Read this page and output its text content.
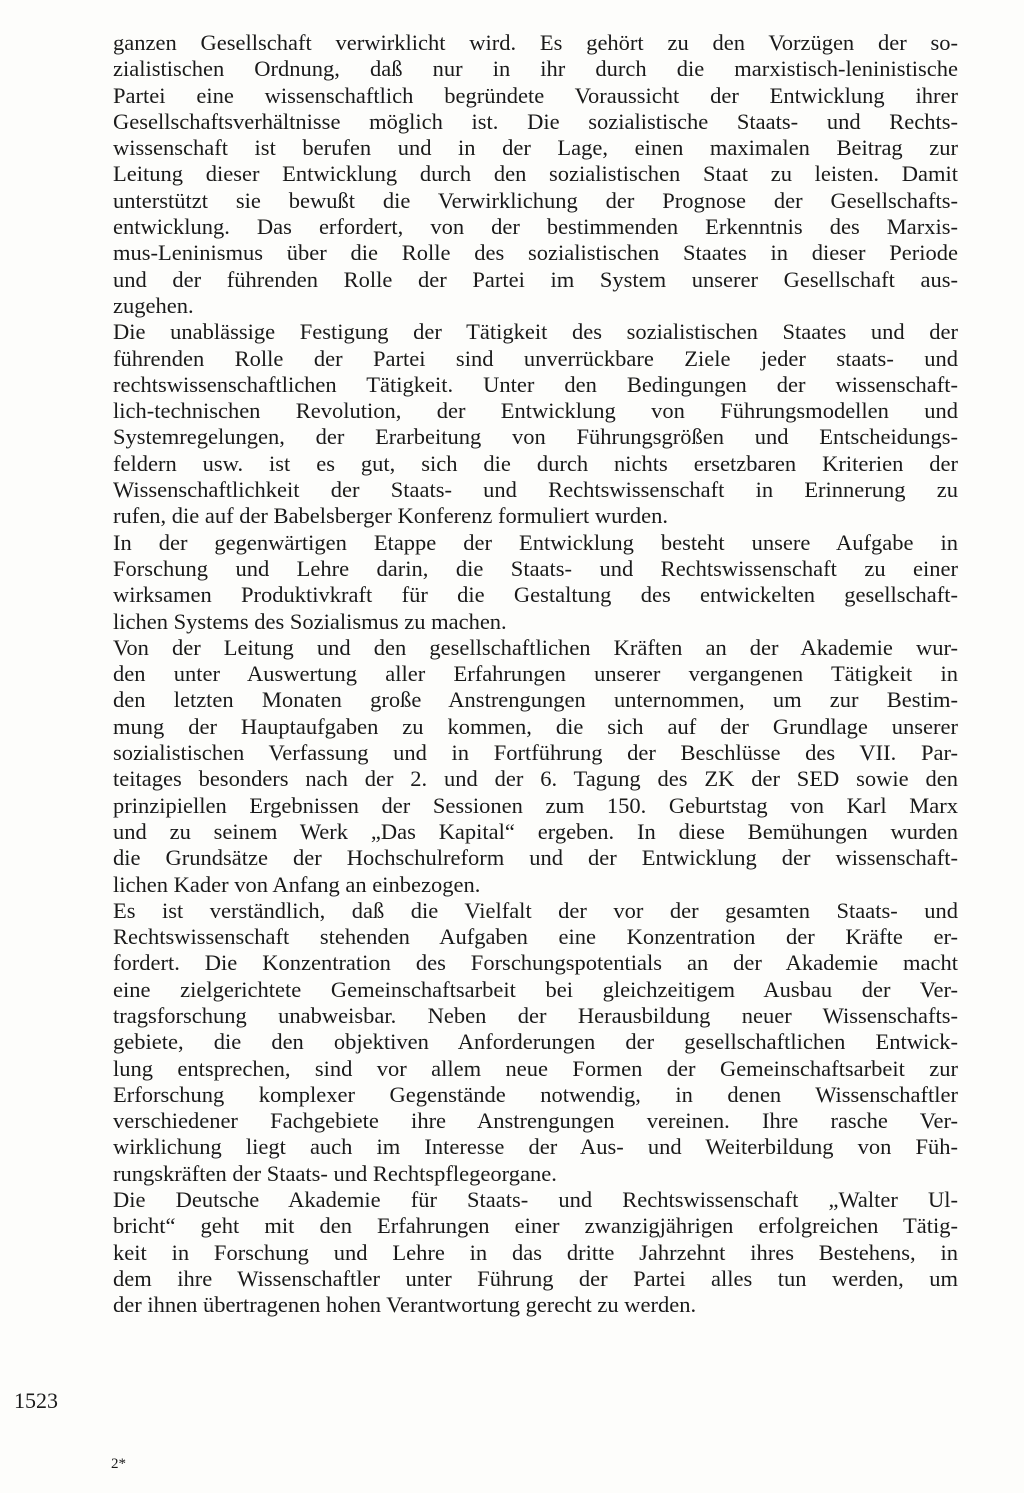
ganzen Gesellschaft verwirklicht wird. Es gehört zu den Vorzügen der so-
zialistischen Ordnung, daß nur in ihr durch die marxistisch-leninistische
Partei eine wissenschaftlich begründete Voraussicht der Entwicklung ihrer
Gesellschaftsverhältnisse möglich ist. Die sozialistische Staats- und Rechts-
wissenschaft ist berufen und in der Lage, einen maximalen Beitrag zur
Leitung dieser Entwicklung durch den sozialistischen Staat zu leisten. Damit
unterstützt sie bewußt die Verwirklichung der Prognose der Gesellschafts-
entwicklung. Das erfordert, von der bestimmenden Erkenntnis des Marxis-
mus-Leninismus über die Rolle des sozialistischen Staates in dieser Periode
und der führenden Rolle der Partei im System unserer Gesellschaft aus-
zugehen.
Die unablässige Festigung der Tätigkeit des sozialistischen Staates und der
führenden Rolle der Partei sind unverrückbare Ziele jeder staats- und
rechtswissenschaftlichen Tätigkeit. Unter den Bedingungen der wissenschaft-
lich-technischen Revolution, der Entwicklung von Führungsmodellen und
Systemregelungen, der Erarbeitung von Führungsgrößen und Entscheidungs-
feldern usw. ist es gut, sich die durch nichts ersetzbaren Kriterien der
Wissenschaftlichkeit der Staats- und Rechtswissenschaft in Erinnerung zu
rufen, die auf der Babelsberger Konferenz formuliert wurden.
In der gegenwärtigen Etappe der Entwicklung besteht unsere Aufgabe in
Forschung und Lehre darin, die Staats- und Rechtswissenschaft zu einer
wirksamen Produktivkraft für die Gestaltung des entwickelten gesellschaft-
lichen Systems des Sozialismus zu machen.
Von der Leitung und den gesellschaftlichen Kräften an der Akademie wur-
den unter Auswertung aller Erfahrungen unserer vergangenen Tätigkeit in
den letzten Monaten große Anstrengungen unternommen, um zur Bestim-
mung der Hauptaufgaben zu kommen, die sich auf der Grundlage unserer
sozialistischen Verfassung und in Fortführung der Beschlüsse des VII. Par-
teitages besonders nach der 2. und der 6. Tagung des ZK der SED sowie den
prinzipiellen Ergebnissen der Sessionen zum 150. Geburtstag von Karl Marx
und zu seinem Werk „Das Kapital“ ergeben. In diese Bemühungen wurden
die Grundsätze der Hochschulreform und der Entwicklung der wissenschaft-
lichen Kader von Anfang an einbezogen.
Es ist verständlich, daß die Vielfalt der vor der gesamten Staats- und
Rechtswissenschaft stehenden Aufgaben eine Konzentration der Kräfte er-
fordert. Die Konzentration des Forschungspotentials an der Akademie macht
eine zielgerichtete Gemeinschaftsarbeit bei gleichzeitigem Ausbau der Ver-
tragsforschung unabweisbar. Neben der Herausbildung neuer Wissenschafts-
gebiete, die den objektiven Anforderungen der gesellschaftlichen Entwick-
lung entsprechen, sind vor allem neue Formen der Gemeinschaftsarbeit zur
Erforschung komplexer Gegenstände notwendig, in denen Wissenschaftler
verschiedener Fachgebiete ihre Anstrengungen vereinen. Ihre rasche Ver-
wirklichung liegt auch im Interesse der Aus- und Weiterbildung von Füh-
rungskräften der Staats- und Rechtspflegeorgane.
Die Deutsche Akademie für Staats- und Rechtswissenschaft „Walter Ul-
bricht“ geht mit den Erfahrungen einer zwanzigjährigen erfolgreichen Tätig-
keit in Forschung und Lehre in das dritte Jahrzehnt ihres Bestehens, in
dem ihre Wissenschaftler unter Führung der Partei alles tun werden, um
der ihnen übertragenen hohen Verantwortung gerecht zu werden.
1523
2*
